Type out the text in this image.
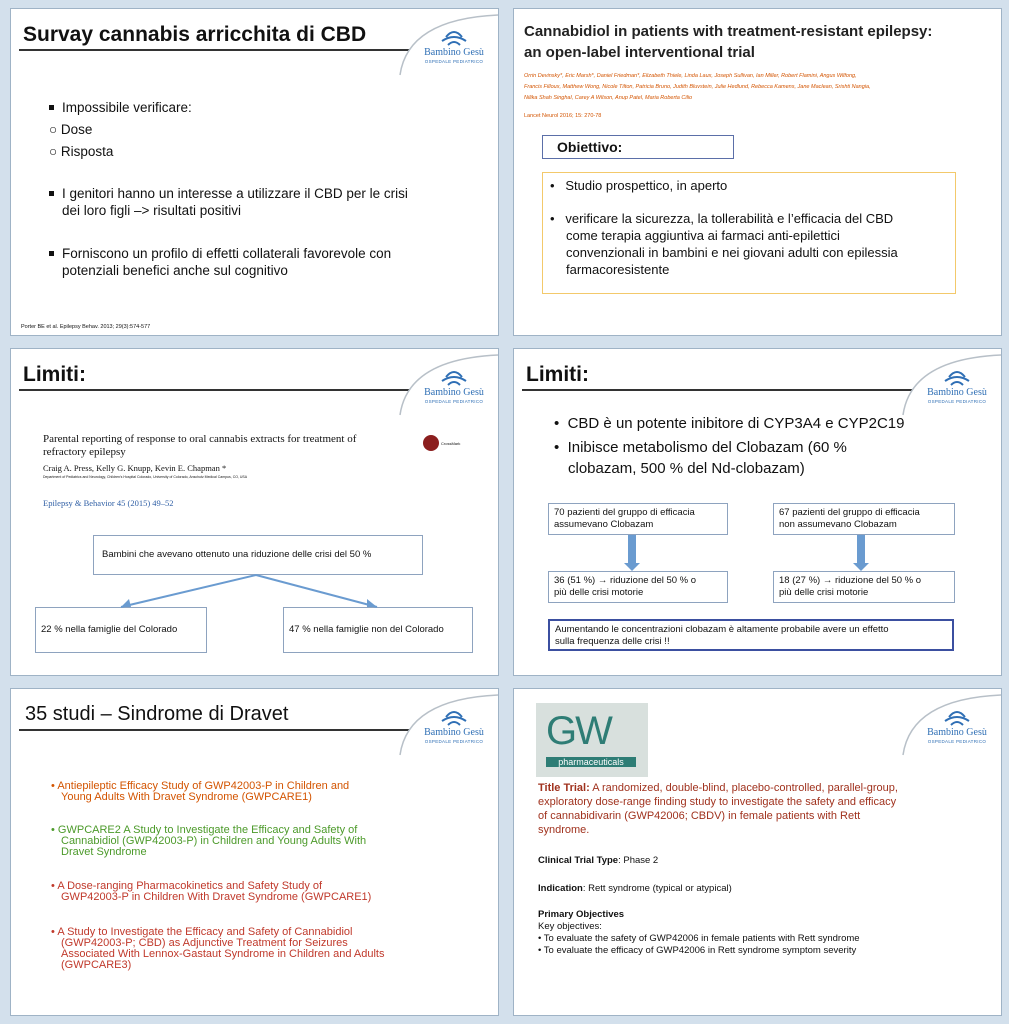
Survay cannabis arricchita di CBD
Bambino Gesù
OSPEDALE PEDIATRICO
Impossibile verificare:
○ Dose
○ Risposta
I genitori hanno un interesse a utilizzare il CBD per le crisi
dei loro figli –> risultati positivi
Forniscono un profilo di effetti collaterali favorevole con
potenziali benefici anche sul cognitivo
Porter BE et al. Epilepsy Behav. 2013; 29(3):574-577
Cannabidiol in patients with treatment-resistant epilepsy:
an open-label interventional trial
Orrin Devinsky*, Eric Marsh*, Daniel Friedman*, Elizabeth Thiele, Linda Laux, Joseph Sullivan, Ian Miller, Robert Flamini, Angus Wilfong,
Francis Filloux, Matthew Wong, Nicole Tilton, Patricia Bruno, Judith Bluvstein, Julie Hedlund, Rebecca Kamens, Jane Maclean, Srishti Nangia,
Nilika Shah Singhal, Carey A Wilson, Anup Patel, Maria Roberta Cilio
Lancet Neurol 2016; 15: 270-78
Obiettivo:
•   Studio prospettico, in aperto
•   verificare la sicurezza, la tollerabilità e l’efficacia del CBD
come terapia aggiuntiva ai farmaci anti-epilettici
convenzionali in bambini e nei giovani adulti con epilessia
farmacoresistente
Limiti:
Bambino Gesù
OSPEDALE PEDIATRICO
Parental reporting of response to oral cannabis extracts for treatment of
refractory epilepsy
CrossMark
Craig A. Press, Kelly G. Knupp, Kevin E. Chapman *
Department of Pediatrics and Neurology, Children's Hospital Colorado, University of Colorado, Anschutz Medical Campus, CO, USA
Epilepsy & Behavior 45 (2015) 49–52
Bambini che avevano ottenuto una riduzione delle crisi del 50 %
22 % nella famiglie del Colorado	47 % nella famiglie non del Colorado
Limiti:
Bambino Gesù
OSPEDALE PEDIATRICO
•  CBD è un potente inibitore di CYP3A4 e CYP2C19
•  Inibisce metabolismo del Clobazam (60 %
clobazam, 500 % del Nd-clobazam)
70 pazienti del gruppo di efficacia
assumevano Clobazam
67 pazienti del gruppo di efficacia
non assumevano Clobazam
36 (51 %) → riduzione del 50 % o
più delle crisi motorie
18 (27 %) → riduzione del 50 % o
più delle crisi motorie
Aumentando le concentrazioni clobazam è altamente probabile avere un effetto
sulla frequenza delle crisi !!
35 studi – Sindrome di Dravet
Bambino Gesù
OSPEDALE PEDIATRICO
• Antiepileptic Efficacy Study of GWP42003-P in Children and
Young Adults With Dravet Syndrome (GWPCARE1)
• GWPCARE2 A Study to Investigate the Efficacy and Safety of
Cannabidiol (GWP42003-P) in Children and Young Adults With
Dravet Syndrome
• A Dose-ranging Pharmacokinetics and Safety Study of
GWP42003-P in Children With Dravet Syndrome (GWPCARE1)
• A Study to Investigate the Efficacy and Safety of Cannabidiol
(GWP42003-P; CBD) as Adjunctive Treatment for Seizures
Associated With Lennox-Gastaut Syndrome in Children and Adults
(GWPCARE3)
Bambino Gesù
OSPEDALE PEDIATRICO
GW
pharmaceuticals
Title Trial: A randomized, double-blind, placebo-controlled, parallel-group,
exploratory dose-range finding study to investigate the safety and efficacy
of cannabidivarin (GWP42006; CBDV) in female patients with Rett
syndrome.
Clinical Trial Type: Phase 2
Indication: Rett syndrome (typical or atypical)
Primary Objectives
Key objectives:
• To evaluate the safety of GWP42006 in female patients with Rett syndrome
• To evaluate the efficacy of GWP42006 in Rett syndrome symptom severity
